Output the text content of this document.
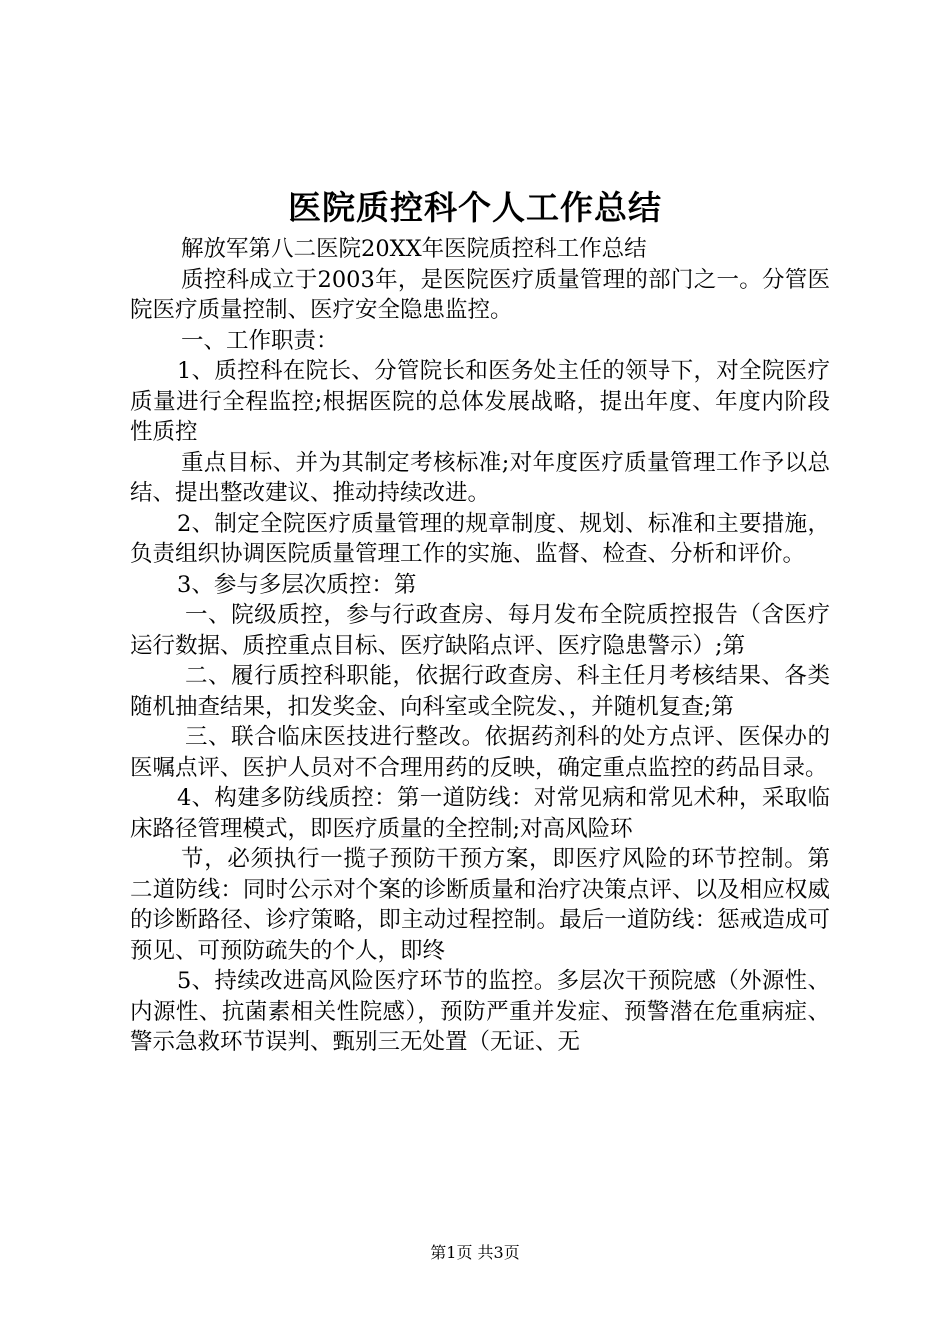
医院质控科个人工作总结

解放军第八二医院20XX年医院质控科工作总结

质控科成立于2003年，是医院医疗质量管理的部门之一。分管医院医疗质量控制、医疗安全隐患监控。

一、工作职责：

1、质控科在院长、分管院长和医务处主任的领导下，对全院医疗质量进行全程监控;根据医院的总体发展战略，提出年度、年度内阶段性质控

重点目标、并为其制定考核标准;对年度医疗质量管理工作予以总结、提出整改建议、推动持续改进。

2、制定全院医疗质量管理的规章制度、规划、标准和主要措施，负责组织协调医院质量管理工作的实施、监督、检查、分析和评价。

3、参与多层次质控：第

一、院级质控，参与行政查房、每月发布全院质控报告（含医疗运行数据、质控重点目标、医疗缺陷点评、医疗隐患警示）;第

二、履行质控科职能，依据行政查房、科主任月考核结果、各类随机抽查结果，扣发奖金、向科室或全院发、，并随机复查;第

三、联合临床医技进行整改。依据药剂科的处方点评、医保办的医嘱点评、医护人员对不合理用药的反映，确定重点监控的药品目录。

4、构建多防线质控：第一道防线：对常见病和常见术种，采取临床路径管理模式，即医疗质量的全控制;对高风险环

节，必须执行一揽子预防干预方案，即医疗风险的环节控制。第二道防线：同时公示对个案的诊断质量和治疗决策点评、以及相应权威的诊断路径、诊疗策略，即主动过程控制。最后一道防线：惩戒造成可预见、可预防疏失的个人，即终

5、持续改进高风险医疗环节的监控。多层次干预院感（外源性、内源性、抗菌素相关性院感），预防严重并发症、预警潜在危重病症、警示急救环节误判、甄别三无处置（无证、无

第1页 共3页
